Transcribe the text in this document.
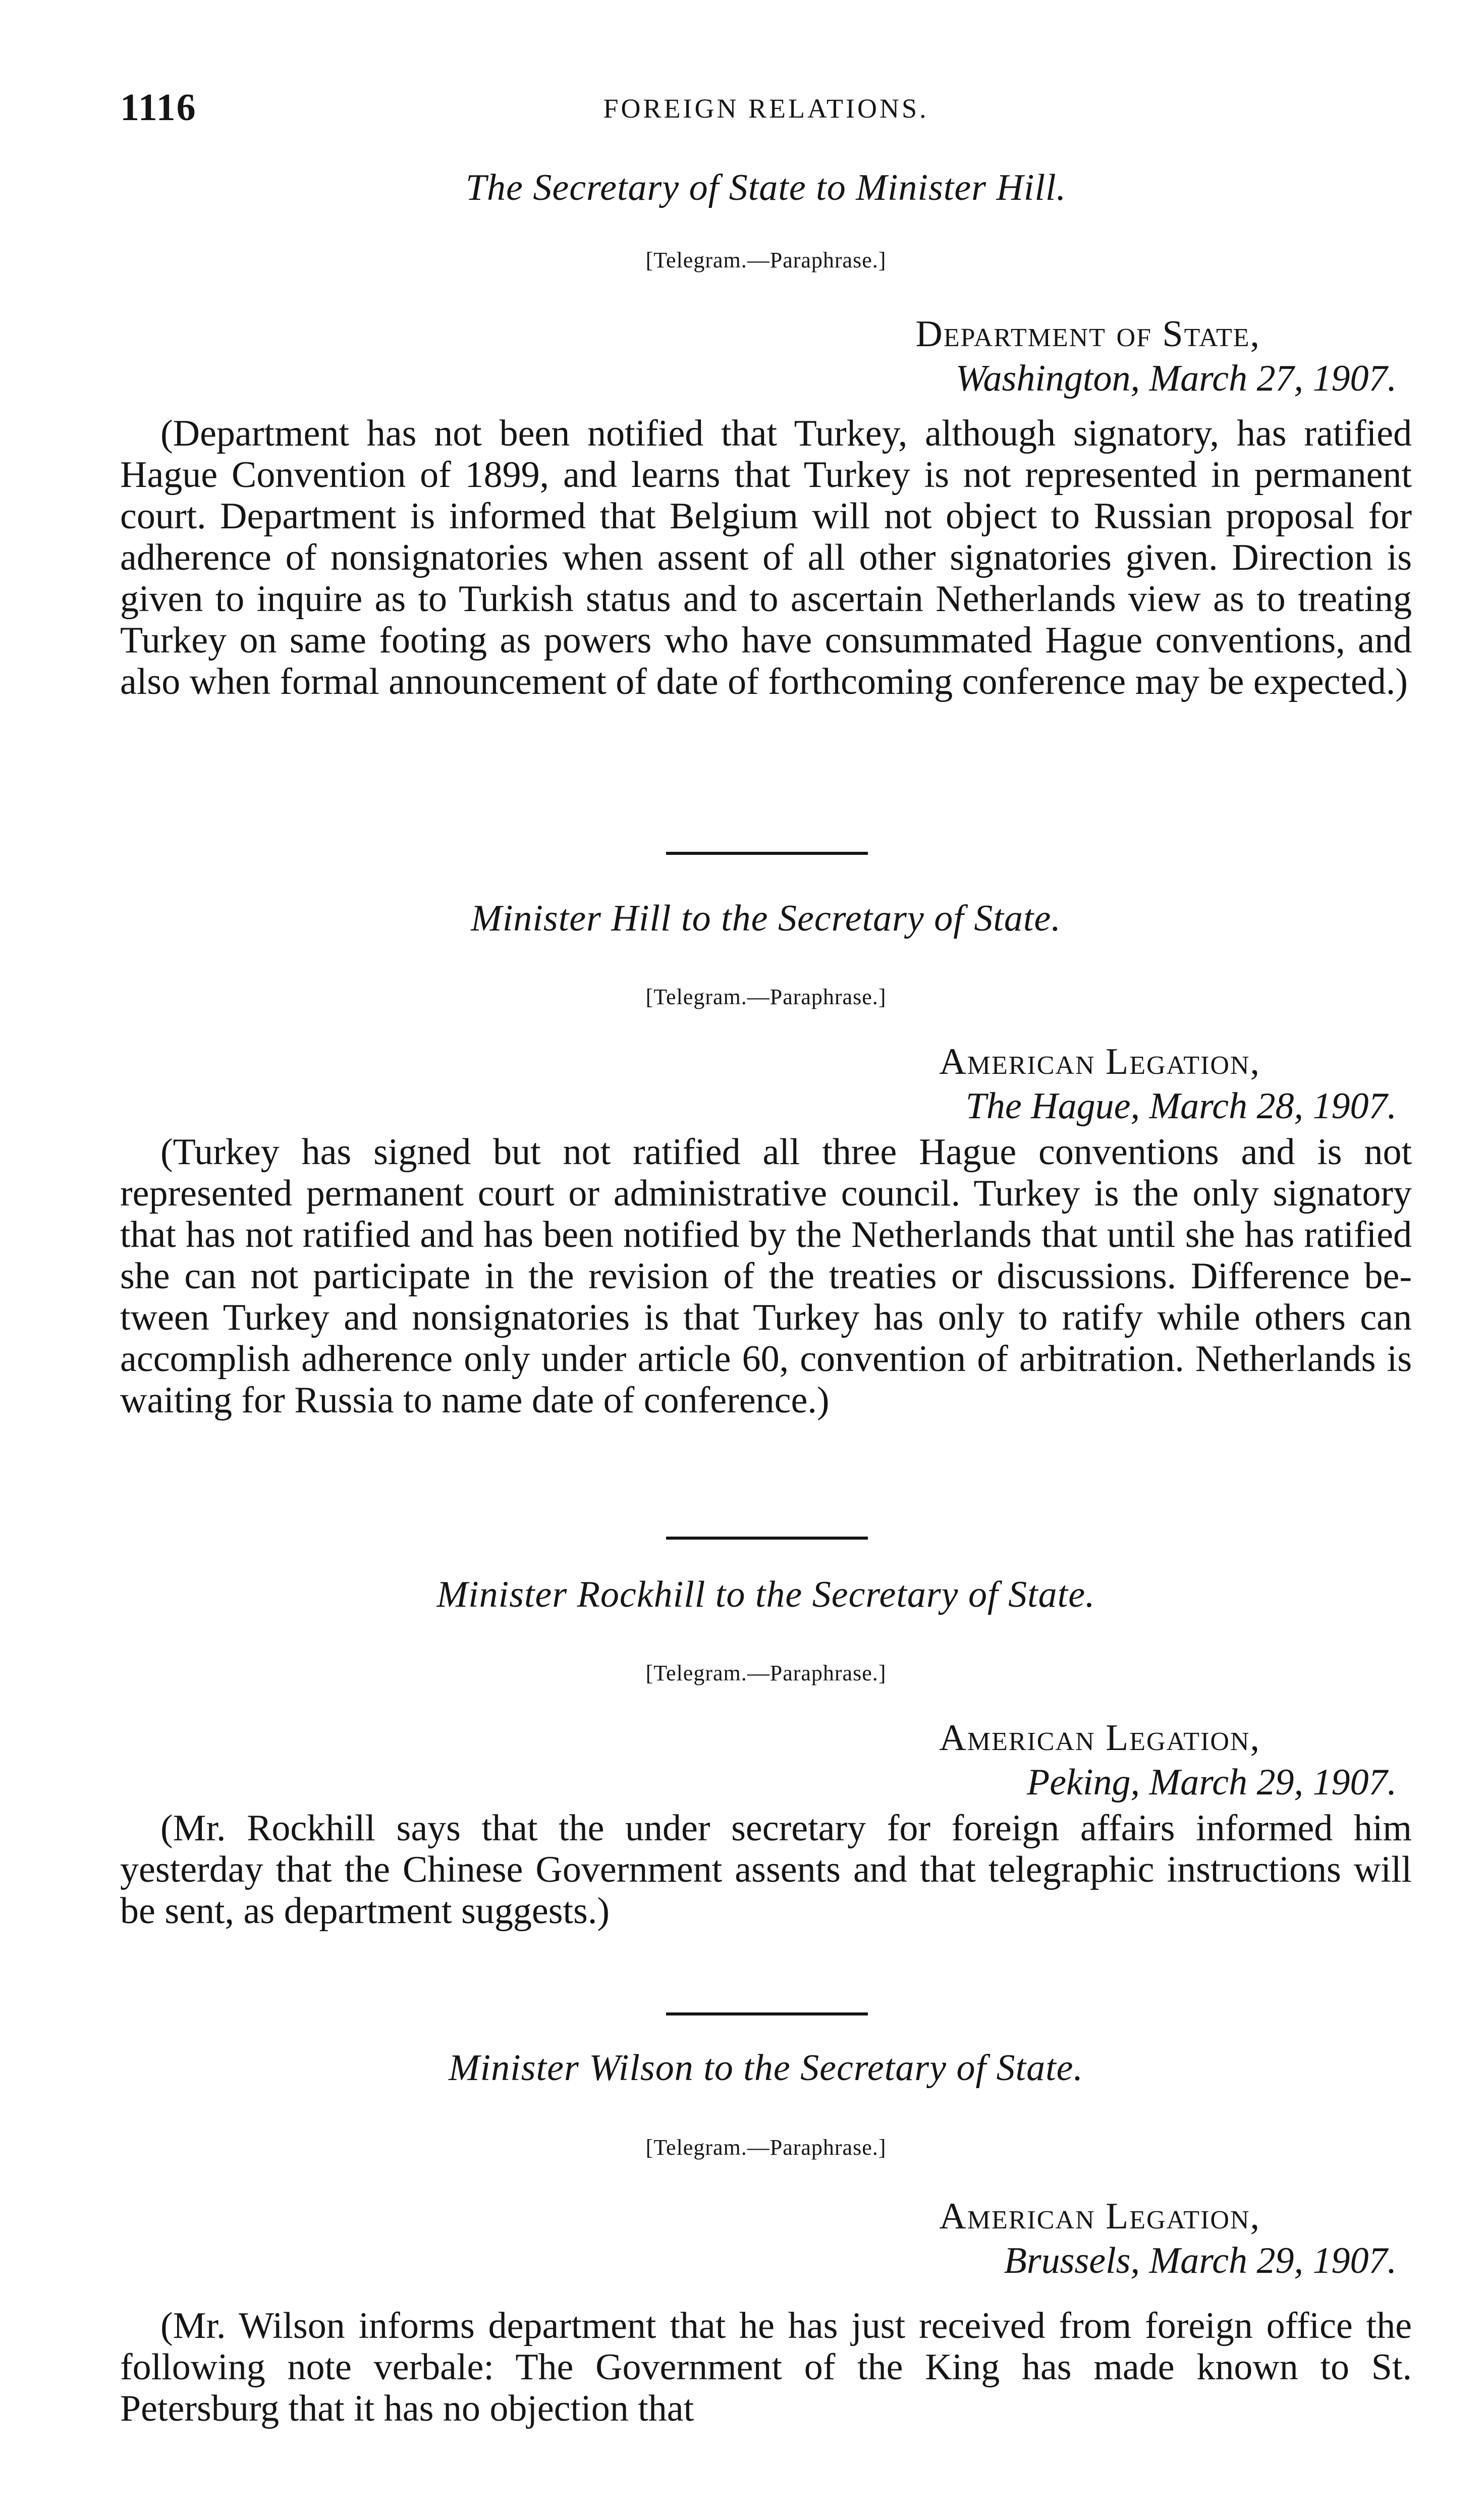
1116	FOREIGN RELATIONS.
The Secretary of State to Minister Hill.
[Telegram.—Paraphrase.]
Department of State,
Washington, March 27, 1907.
(Department has not been notified that Turkey, although signatory, has ratified Hague Convention of 1899, and learns that Turkey is not represented in permanent court. Department is informed that Belgium will not object to Russian proposal for adherence of nonsignatories when assent of all other signatories given. Direction is given to inquire as to Turkish status and to ascertain Netherlands view as to treating Turkey on same footing as powers who have consummated Hague conventions, and also when formal announcement of date of forthcoming conference may be expected.)
Minister Hill to the Secretary of State.
[Telegram.—Paraphrase.]
American Legation,
The Hague, March 28, 1907.
(Turkey has signed but not ratified all three Hague conventions and is not represented permanent court or administrative council. Turkey is the only signatory that has not ratified and has been notified by the Netherlands that until she has ratified she can not participate in the revision of the treaties or discussions. Difference between Turkey and nonsignatories is that Turkey has only to ratify while others can accomplish adherence only under article 60, convention of arbitration. Netherlands is waiting for Russia to name date of conference.)
Minister Rockhill to the Secretary of State.
[Telegram.—Paraphrase.]
American Legation,
Peking, March 29, 1907.
(Mr. Rockhill says that the under secretary for foreign affairs informed him yesterday that the Chinese Government assents and that telegraphic instructions will be sent, as department suggests.)
Minister Wilson to the Secretary of State.
[Telegram.—Paraphrase.]
American Legation,
Brussels, March 29, 1907.
(Mr. Wilson informs department that he has just received from foreign office the following note verbale: The Government of the King has made known to St. Petersburg that it has no objection that
